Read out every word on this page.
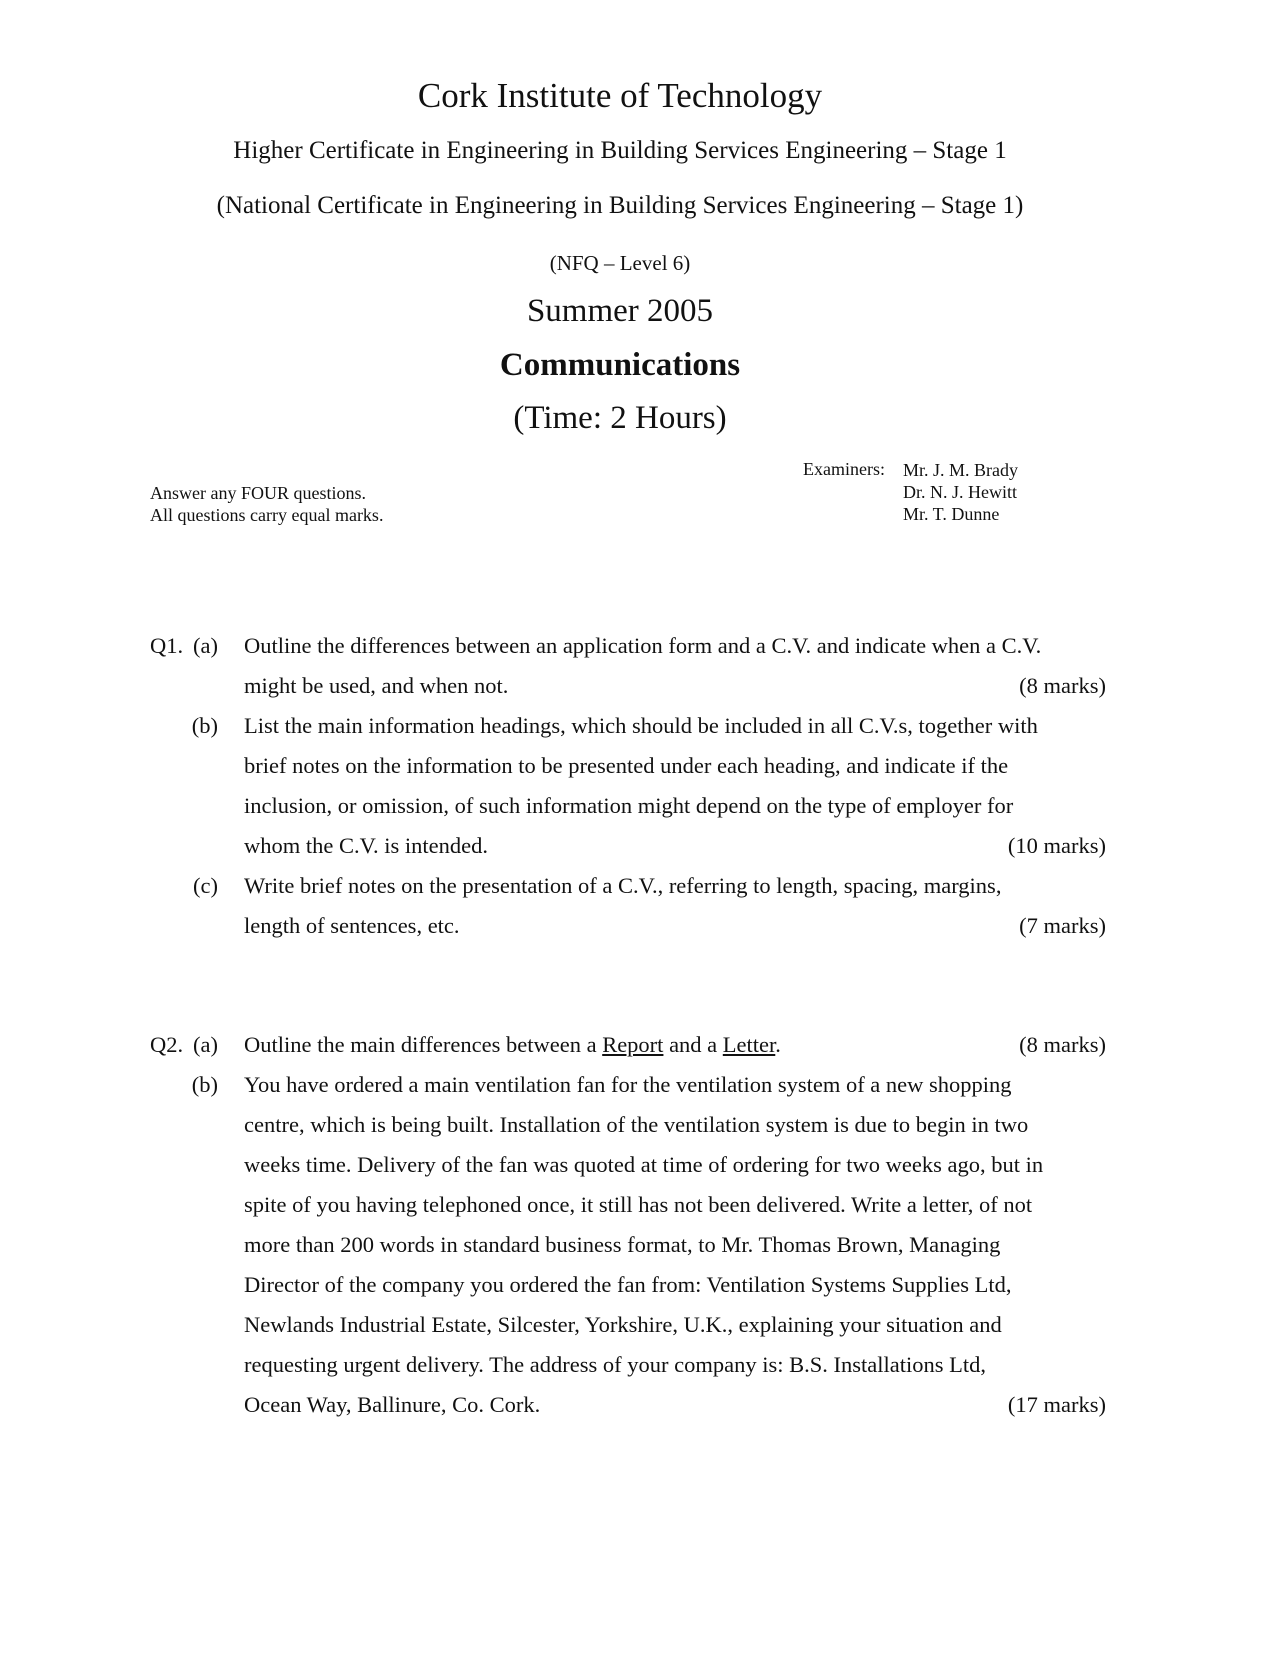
Cork Institute of Technology
Higher Certificate in Engineering in Building Services Engineering – Stage 1
(National Certificate in Engineering in Building Services Engineering – Stage 1)
(NFQ – Level 6)
Summer 2005
Communications
(Time: 2 Hours)
Answer any FOUR questions.
All questions carry equal marks.
Examiners: Mr. J. M. Brady
Dr. N. J. Hewitt
Mr. T. Dunne
Q1. (a) Outline the differences between an application form and a C.V. and indicate when a C.V.
might be used, and when not.	(8 marks)
(b) List the main information headings, which should be included in all C.V.s, together with
brief notes on the information to be presented under each heading, and indicate if the
inclusion, or omission, of such information might depend on the type of employer for
whom the C.V. is intended.	(10 marks)
(c) Write brief notes on the presentation of a C.V., referring to length, spacing, margins,
length of sentences, etc.	(7 marks)
Q2. (a) Outline the main differences between a Report and a Letter.	(8 marks)
(b) You have ordered a main ventilation fan for the ventilation system of a new shopping
centre, which is being built. Installation of the ventilation system is due to begin in two
weeks time. Delivery of the fan was quoted at time of ordering for two weeks ago, but in
spite of you having telephoned once, it still has not been delivered. Write a letter, of not
more than 200 words in standard business format, to Mr. Thomas Brown, Managing
Director of the company you ordered the fan from: Ventilation Systems Supplies Ltd,
Newlands Industrial Estate, Silcester, Yorkshire, U.K., explaining your situation and
requesting urgent delivery. The address of your company is: B.S. Installations Ltd,
Ocean Way, Ballinure, Co. Cork.	(17 marks)
